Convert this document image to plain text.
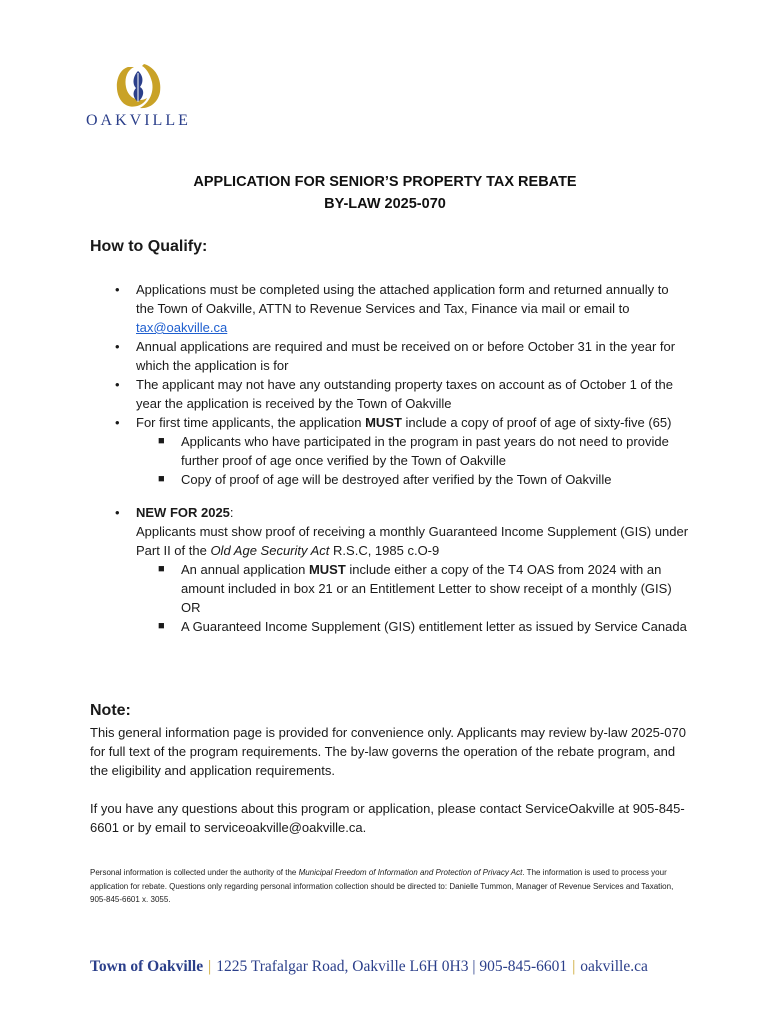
OAKVILLE
APPLICATION FOR SENIOR’S PROPERTY TAX REBATE
BY-LAW 2025-070
How to Qualify:
• Applications must be completed using the attached application form and returned annually to the Town of Oakville, ATTN to Revenue Services and Tax, Finance via mail or email to tax@oakville.ca
• Annual applications are required and must be received on or before October 31 in the year for which the application is for
• The applicant may not have any outstanding property taxes on account as of October 1 of the year the application is received by the Town of Oakville
• For first time applicants, the application MUST include a copy of proof of age of sixty-five (65)
■ Applicants who have participated in the program in past years do not need to provide further proof of age once verified by the Town of Oakville
■ Copy of proof of age will be destroyed after verified by the Town of Oakville
• NEW FOR 2025:
Applicants must show proof of receiving a monthly Guaranteed Income Supplement (GIS) under Part II of the Old Age Security Act R.S.C, 1985 c.O-9
■ An annual application MUST include either a copy of the T4 OAS from 2024 with an amount included in box 21 or an Entitlement Letter to show receipt of a monthly (GIS) OR
■ A Guaranteed Income Supplement (GIS) entitlement letter as issued by Service Canada
Note:
This general information page is provided for convenience only. Applicants may review by-law 2025-070 for full text of the program requirements. The by-law governs the operation of the rebate program, and the eligibility and application requirements.
If you have any questions about this program or application, please contact ServiceOakville at 905-845-6601 or by email to serviceoakville@oakville.ca.
Personal information is collected under the authority of the Municipal Freedom of Information and Protection of Privacy Act. The information is used to process your application for rebate. Questions only regarding personal information collection should be directed to: Danielle Tummon, Manager of Revenue Services and Taxation, 905-845-6601 x. 3055.
Town of Oakville | 1225 Trafalgar Road, Oakville L6H 0H3 | 905-845-6601 | oakville.ca
